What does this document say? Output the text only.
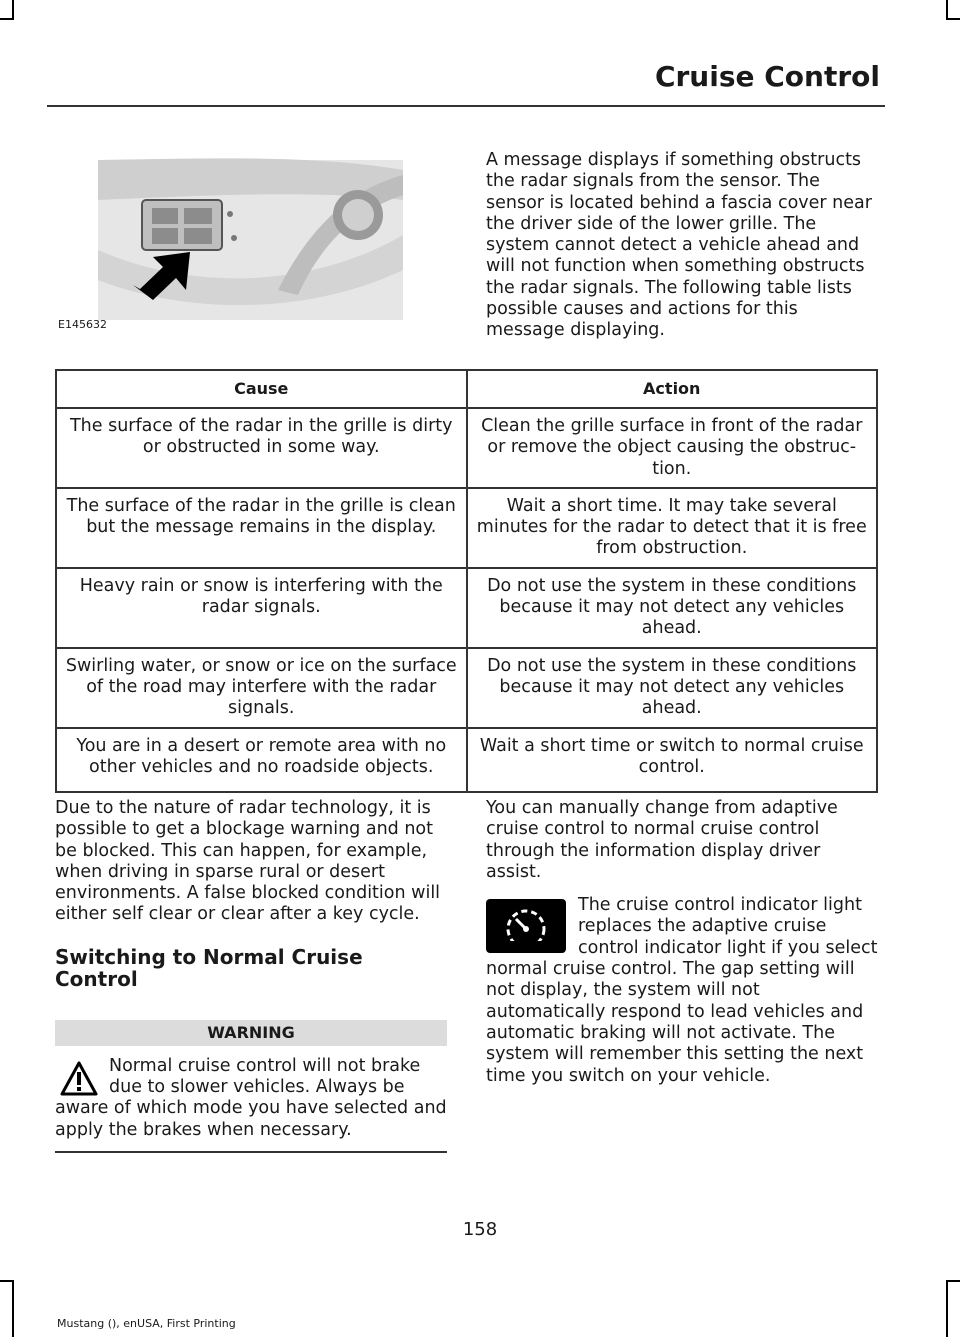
Cruise Control
E145632
A message displays if something obstructs the radar signals from the sensor. The sensor is located behind a fascia cover near the driver side of the lower grille. The system cannot detect a vehicle ahead and will not function when something obstructs the radar signals. The following table lists possible causes and actions for this message displaying.
Cause	Action
The surface of the radar in the grille is dirty or obstructed in some way.	Clean the grille surface in front of the radar or remove the object causing the obstruc-tion.
The surface of the radar in the grille is clean but the message remains in the display.	Wait a short time. It may take several minutes for the radar to detect that it is free from obstruction.
Heavy rain or snow is interfering with the radar signals.	Do not use the system in these conditions because it may not detect any vehicles ahead.
Swirling water, or snow or ice on the surface of the road may interfere with the radar signals.	Do not use the system in these conditions because it may not detect any vehicles ahead.
You are in a desert or remote area with no other vehicles and no roadside objects.	Wait a short time or switch to normal cruise control.

Due to the nature of radar technology, it is possible to get a blockage warning and not be blocked. This can happen, for example, when driving in sparse rural or desert environments. A false blocked condition will either self clear or clear after a key cycle.

Switching to Normal Cruise Control
WARNING

Normal cruise control will not brake due to slower vehicles. Always be aware of which mode you have selected and apply the brakes when necessary.

You can manually change from adaptive cruise control to normal cruise control through the information display driver assist.

The cruise control indicator light replaces the adaptive cruise control indicator light if you select normal cruise control. The gap setting will not display, the system will not automatically respond to lead vehicles and automatic braking will not activate. The system will remember this setting the next time you switch on your vehicle.

158
Mustang (), enUSA, First Printing
